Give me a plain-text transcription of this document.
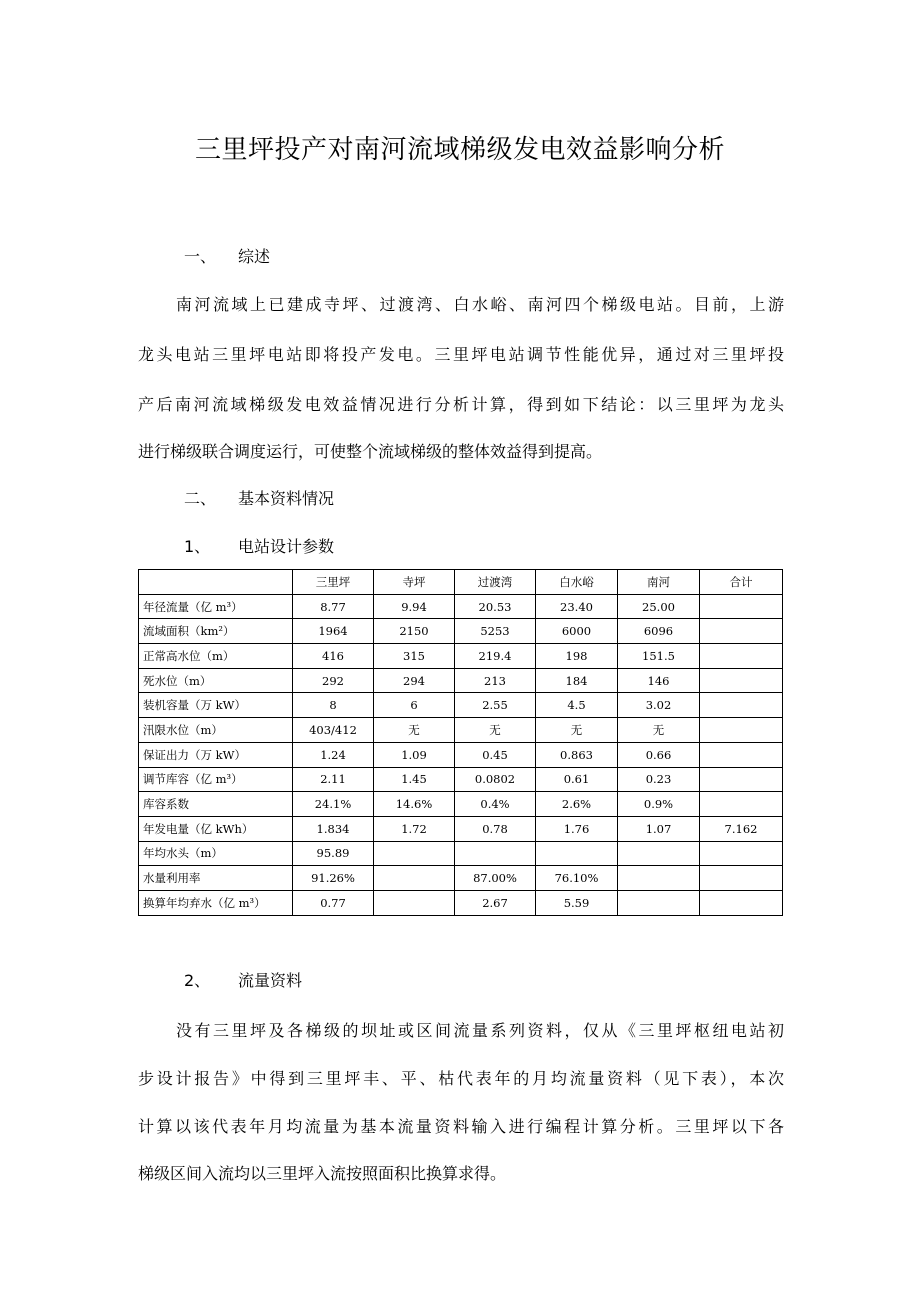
三里坪投产对南河流域梯级发电效益影响分析
一、 综述
南河流域上已建成寺坪、过渡湾、白水峪、南河四个梯级电站。目前，上游
龙头电站三里坪电站即将投产发电。三里坪电站调节性能优异，通过对三里坪投
产后南河流域梯级发电效益情况进行分析计算，得到如下结论：以三里坪为龙头
进行梯级联合调度运行，可使整个流域梯级的整体效益得到提高。
二、 基本资料情况
1、 电站设计参数
	三里坪	寺坪	过渡湾	白水峪	南河	合计
年径流量（亿 m³）	8.77	9.94	20.53	23.40	25.00	
流域面积（km²）	1964	2150	5253	6000	6096	
正常高水位（m）	416	315	219.4	198	151.5	
死水位（m）	292	294	213	184	146	
装机容量（万 kW）	8	6	2.55	4.5	3.02	
汛限水位（m）	403/412	无	无	无	无	
保证出力（万 kW）	1.24	1.09	0.45	0.863	0.66	
调节库容（亿 m³）	2.11	1.45	0.0802	0.61	0.23	
库容系数	24.1%	14.6%	0.4%	2.6%	0.9%	
年发电量（亿 kWh）	1.834	1.72	0.78	1.76	1.07	7.162
年均水头（m）	95.89					
水量利用率	91.26%		87.00%	76.10%		
换算年均弃水（亿 m³）	0.77		2.67	5.59		
2、 流量资料
没有三里坪及各梯级的坝址或区间流量系列资料，仅从《三里坪枢纽电站初
步设计报告》中得到三里坪丰、平、枯代表年的月均流量资料（见下表），本次
计算以该代表年月均流量为基本流量资料输入进行编程计算分析。三里坪以下各
梯级区间入流均以三里坪入流按照面积比换算求得。
